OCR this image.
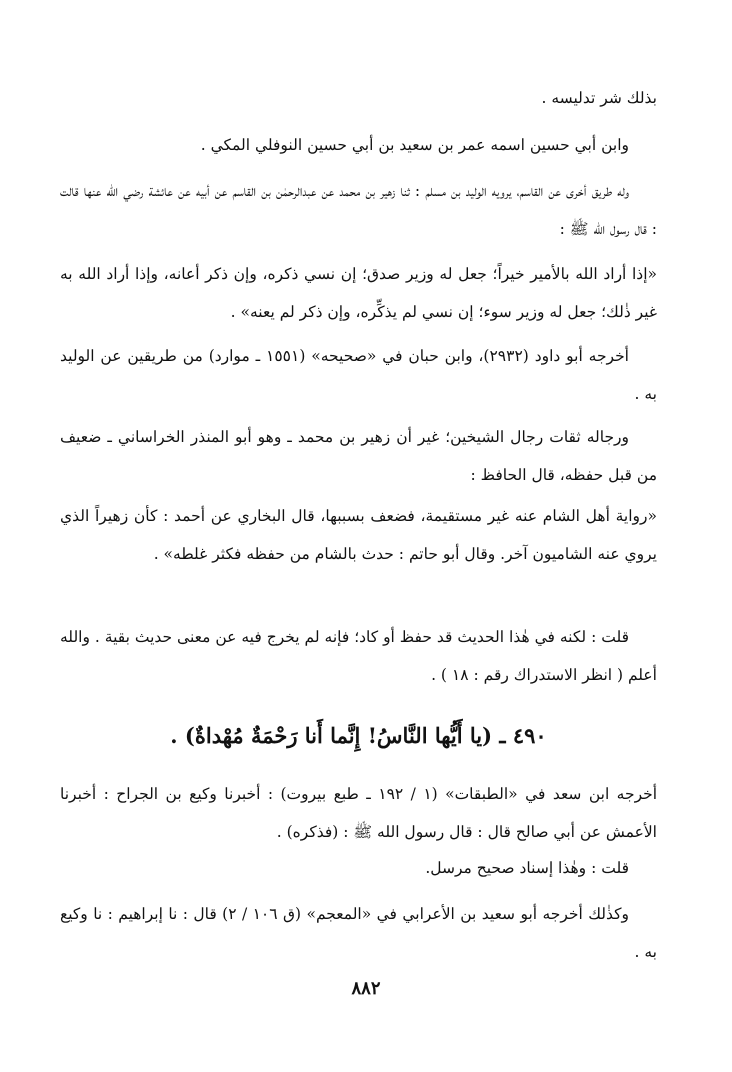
بذلك شر تدليسه .
وابن أبي حسين اسمه عمر بن سعيد بن أبي حسين النوفلي المكي .
وله طريق أخرى عن القاسم، يرويه الوليد بن مسلم : ثنا زهير بن محمد عن عبدالرحمٰن بن القاسم عن أبيه عن عائشة رضي الله عنها قالت : قال رسول الله ﷺ :
«إذا أراد الله بالأمير خيراً؛ جعل له وزير صدق؛ إن نسي ذكره، وإن ذكر أعانه، وإذا أراد الله به غير ذٰلك؛ جعل له وزير سوء؛ إن نسي لم يذكِّره، وإن ذكر لم يعنه» .
أخرجه أبو داود (٢٩٣٢)، وابن حبان في «صحيحه» (١٥٥١ ـ موارد) من طريقين عن الوليد به .
ورجاله ثقات رجال الشيخين؛ غير أن زهير بن محمد ـ وهو أبو المنذر الخراساني ـ ضعيف من قبل حفظه، قال الحافظ :
«رواية أهل الشام عنه غير مستقيمة، فضعف بسببها، قال البخاري عن أحمد : كأن زهيراً الذي يروي عنه الشاميون آخر. وقال أبو حاتم : حدث بالشام من حفظه فكثر غلطه» .
قلت : لكنه في هٰذا الحديث قد حفظ أو كاد؛ فإنه لم يخرج فيه عن معنى حديث بقية . والله أعلم ( انظر الاستدراك رقم : ١٨ ) .
٤٩٠ ـ (يا أَيُّها النَّاسُ! إِنَّما أَنا رَحْمَةٌ مُهْداةٌ) .
أخرجه ابن سعد في «الطبقات» (١ / ١٩٢ ـ طبع بيروت) : أخبرنا وكيع بن الجراح : أخبرنا الأعمش عن أبي صالح قال : قال رسول الله ﷺ : (فذكره) .
قلت : وهٰذا إسناد صحيح مرسل.
وكذٰلك أخرجه أبو سعيد بن الأعرابي في «المعجم» (ق ١٠٦ / ٢) قال : نا إبراهيم : نا وكيع به .
٨٨٢
